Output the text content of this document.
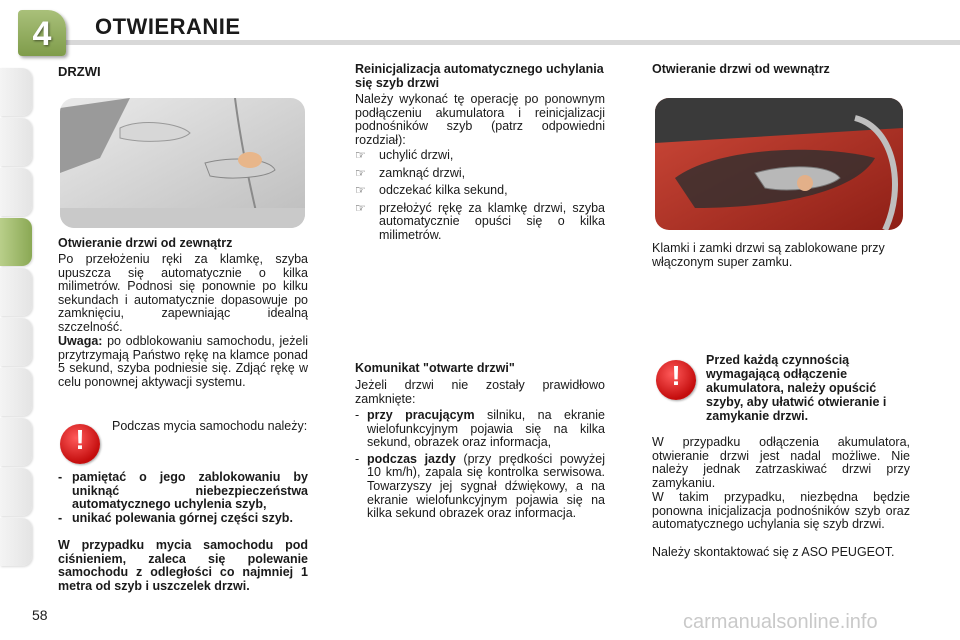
4	OTWIERANIE
DRZWI
Otwieranie drzwi od zewnątrz
Po przełożeniu ręki za klamkę, szyba upuszcza się automatycznie o kilka milimetrów. Podnosi się ponownie po kilku sekundach i automatycznie dopasowuje po zamknięciu, zapewniając idealną szczelność.
Uwaga: po odblokowaniu samochodu, jeżeli przytrzymają Państwo rękę na klamce ponad 5 sekund, szyba podniesie się. Zdjąć rękę w celu ponownej aktywacji systemu.
!
Podczas mycia samochodu należy:
- pamiętać o jego zablokowaniu by uniknąć niebezpieczeństwa automatycznego uchylenia szyb,
- unikać polewania górnej części szyb.
W przypadku mycia samochodu pod ciśnieniem, zaleca się polewanie samochodu z odległości co najmniej 1 metra od szyb i uszczelek drzwi.
Reinicjalizacja automatycznego uchylania się szyb drzwi
Należy wykonać tę operację po ponownym podłączeniu akumulatora i reinicjalizacji podnośników szyb (patrz odpowiedni rozdział):
☞ uchylić drzwi,
☞ zamknąć drzwi,
☞ odczekać kilka sekund,
☞ przełożyć rękę za klamkę drzwi, szyba automatycznie opuści się o kilka milimetrów.
Komunikat "otwarte drzwi"
Jeżeli drzwi nie zostały prawidłowo zamknięte:
- przy pracującym silniku, na ekranie wielofunkcyjnym pojawia się na kilka sekund, obrazek oraz informacja,
- podczas jazdy (przy prędkości powyżej 10 km/h), zapala się kontrolka serwisowa. Towarzyszy jej sygnał dźwiękowy, a na ekranie wielofunkcyjnym pojawia się na kilka sekund obrazek oraz informacja.
Otwieranie drzwi od wewnątrz
Klamki i zamki drzwi są zablokowane przy włączonym super zamku.
!
Przed każdą czynnością wymagającą odłączenie akumulatora, należy opuścić szyby, aby ułatwić otwieranie i zamykanie drzwi.
W przypadku odłączenia akumulatora, otwieranie drzwi jest nadal możliwe. Nie należy jednak zatrzaskiwać drzwi przy zamykaniu.
W takim przypadku, niezbędna będzie ponowna inicjalizacja podnośników szyb oraz automatycznego uchylania się szyb drzwi.
Należy skontaktować się z ASO PEUGEOT.
58	carmanualsonline.info
